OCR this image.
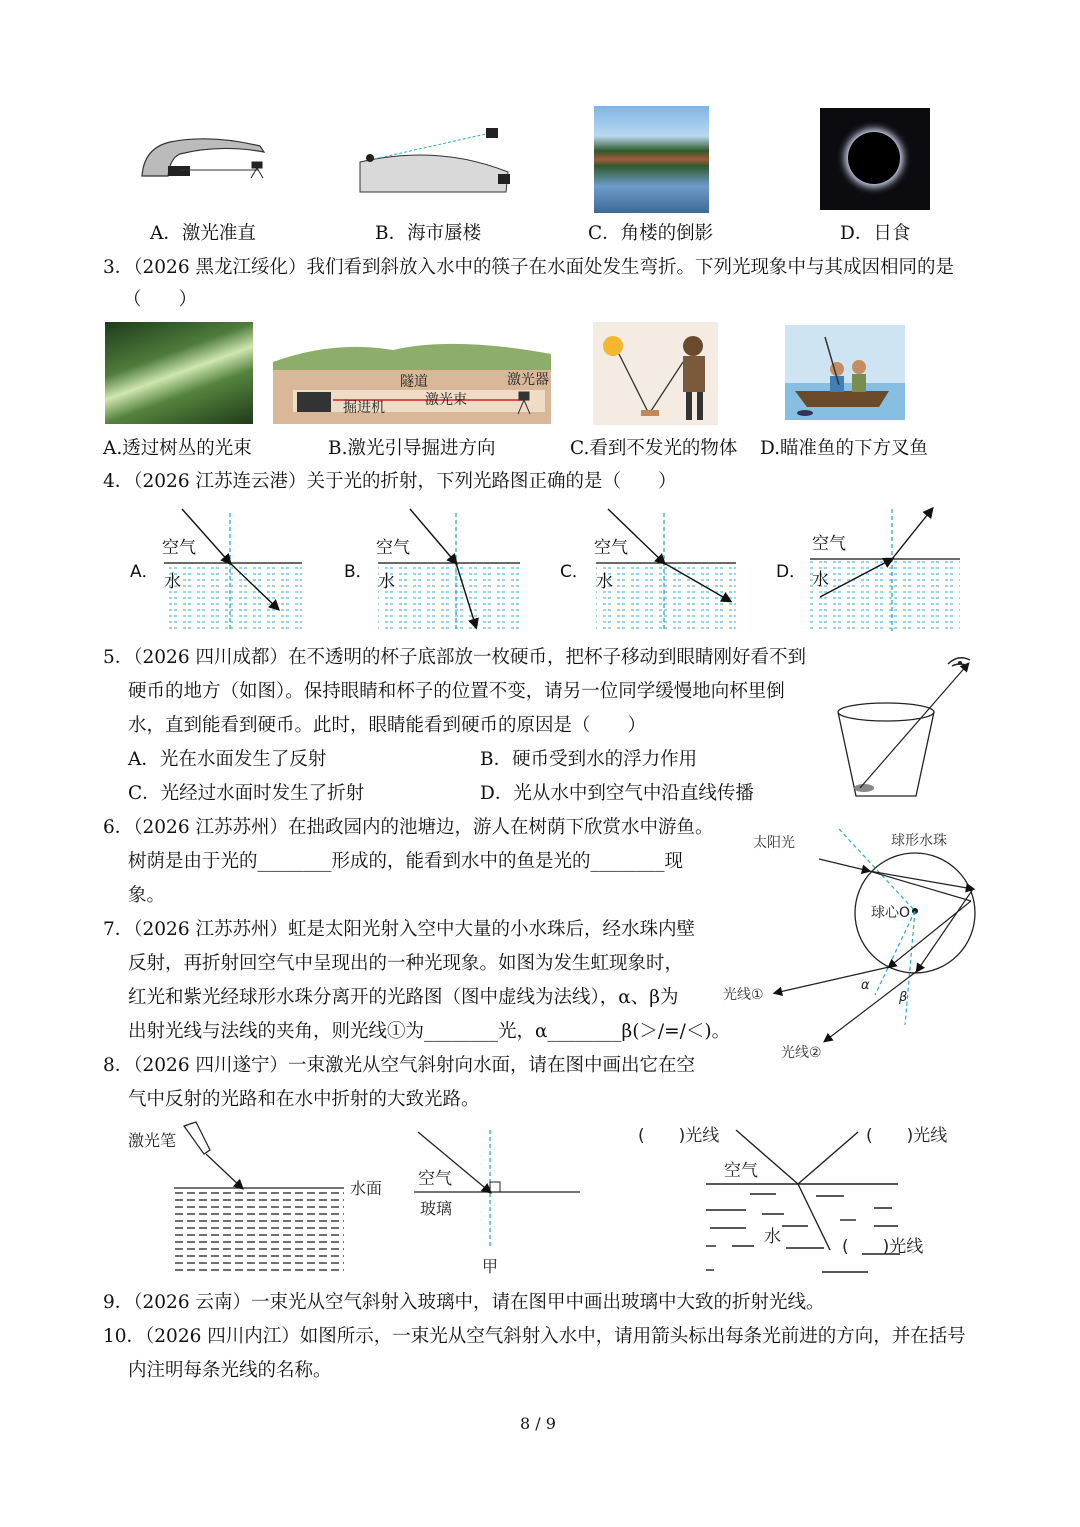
A．激光准直	B．海市蜃楼	C．角楼的倒影	D．日食
3．（2026 黑龙江绥化）我们看到斜放入水中的筷子在水面处发生弯折。下列光现象中与其成因相同的是
（　　）
隧道	激光器
激光束
掘进机
A.透过树丛的光束	B.激光引导掘进方向	C.看到不发光的物体 D.瞄准鱼的下方叉鱼
4．（2026 江苏连云港）关于光的折射，下列光路图正确的是（　　）
A．
空气
水	B．
空气
水	C．
空气
水	D．
空气
水
5．（2026 四川成都）在不透明的杯子底部放一枚硬币，把杯子移动到眼睛刚好看不到
硬币的地方（如图）。保持眼睛和杯子的位置不变，请另一位同学缓慢地向杯里倒
水，直到能看到硬币。此时，眼睛能看到硬币的原因是（　　）
A．光在水面发生了反射	B．硬币受到水的浮力作用
C．光经过水面时发生了折射	D．光从水中到空气中沿直线传播
6．（2026 江苏苏州）在拙政园内的池塘边，游人在树荫下欣赏水中游鱼。
树荫是由于光的________形成的，能看到水中的鱼是光的________现
象。
7．（2026 江苏苏州）虹是太阳光射入空中大量的小水珠后，经水珠内壁
反射，再折射回空气中呈现出的一种光现象。如图为发生虹现象时，
红光和紫光经球形水珠分离开的光路图（图中虚线为法线），α、β为
出射光线与法线的夹角，则光线①为________光，α________β(＞/=/＜)。
太阳光	球形水珠
球心O
α
β
光线①
光线②
8．（2026 四川遂宁）一束激光从空气斜射向水面，请在图中画出它在空
气中反射的光路和在水中折射的大致光路。
激光笔
水面 空气
玻璃
甲
(　　)光线	(　　)光线
空气
水	(　　)光线
9．（2026 云南）一束光从空气斜射入玻璃中，请在图甲中画出玻璃中大致的折射光线。
10．（2026 四川内江）如图所示，一束光从空气斜射入水中，请用箭头标出每条光前进的方向，并在括号
内注明每条光线的名称。
8 / 9
